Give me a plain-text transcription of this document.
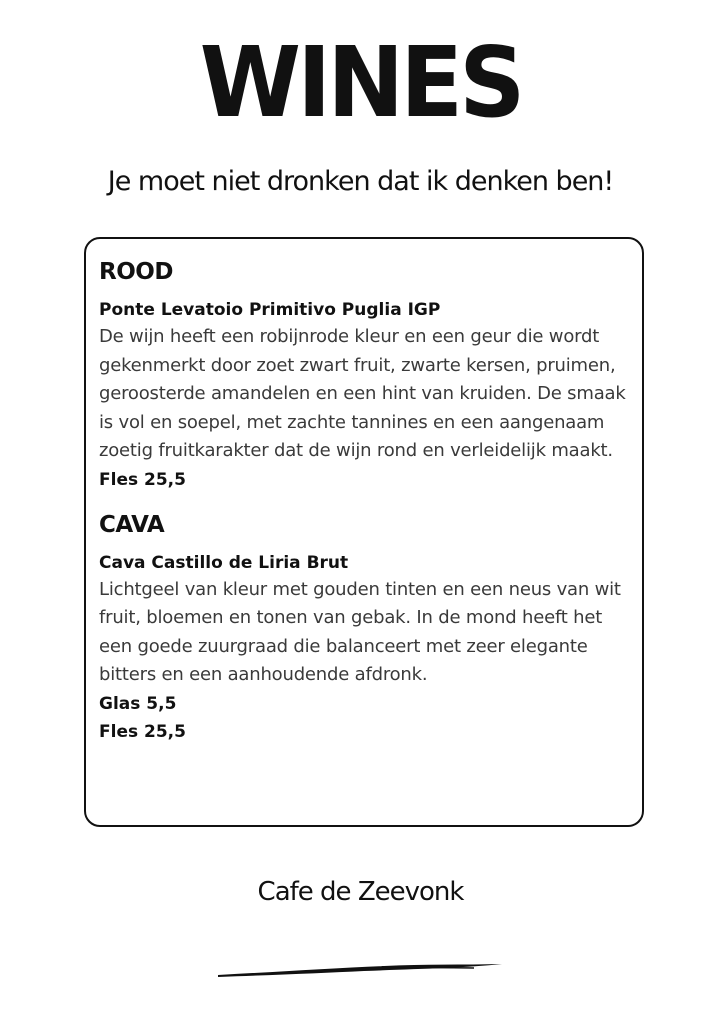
WINES
Je moet niet dronken dat ik denken ben!
ROOD
Ponte Levatoio Primitivo Puglia IGP
De wijn heeft een robijnrode kleur en een geur die wordt gekenmerkt door zoet zwart fruit, zwarte kersen, pruimen, geroosterde amandelen en een hint van kruiden. De smaak is vol en soepel, met zachte tannines en een aangenaam zoetig fruitkarakter dat de wijn rond en verleidelijk maakt.
Fles 25,5
CAVA
Cava Castillo de Liria Brut
Lichtgeel van kleur met gouden tinten en een neus van wit fruit, bloemen en tonen van gebak. In de mond heeft het een goede zuurgraad die balanceert met zeer elegante bitters en een aanhoudende afdronk.
Glas 5,5
Fles 25,5
Cafe de Zeevonk
